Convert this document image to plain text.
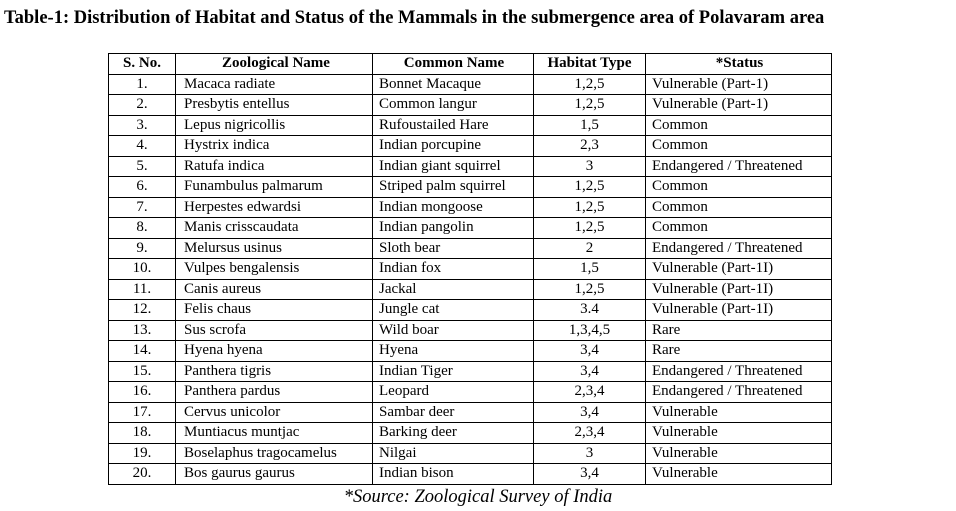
Table-1: Distribution of Habitat and Status of the Mammals in the submergence area of Polavaram area
S. No.	Zoological Name	Common Name	Habitat Type	*Status
1.	Macaca radiate	Bonnet Macaque	1,2,5	Vulnerable (Part-1)
2.	Presbytis entellus	Common langur	1,2,5	Vulnerable (Part-1)
3.	Lepus nigricollis	Rufoustailed Hare	1,5	Common
4.	Hystrix indica	Indian porcupine	2,3	Common
5.	Ratufa indica	Indian giant squirrel	3	Endangered / Threatened
6.	Funambulus palmarum	Striped palm squirrel	1,2,5	Common
7.	Herpestes edwardsi	Indian mongoose	1,2,5	Common
8.	Manis crisscaudata	Indian pangolin	1,2,5	Common
9.	Melursus usinus	Sloth bear	2	Endangered / Threatened
10.	Vulpes bengalensis	Indian fox	1,5	Vulnerable (Part-1I)
11.	Canis aureus	Jackal	1,2,5	Vulnerable (Part-1I)
12.	Felis chaus	Jungle cat	3.4	Vulnerable (Part-1I)
13.	Sus scrofa	Wild boar	1,3,4,5	Rare
14.	Hyena hyena	Hyena	3,4	Rare
15.	Panthera tigris	Indian Tiger	3,4	Endangered / Threatened
16.	Panthera pardus	Leopard	2,3,4	Endangered / Threatened
17.	Cervus unicolor	Sambar deer	3,4	Vulnerable
18.	Muntiacus muntjac	Barking deer	2,3,4	Vulnerable
19.	Boselaphus tragocamelus	Nilgai	3	Vulnerable
20.	Bos gaurus gaurus	Indian bison	3,4	Vulnerable
*Source: Zoological Survey of India
